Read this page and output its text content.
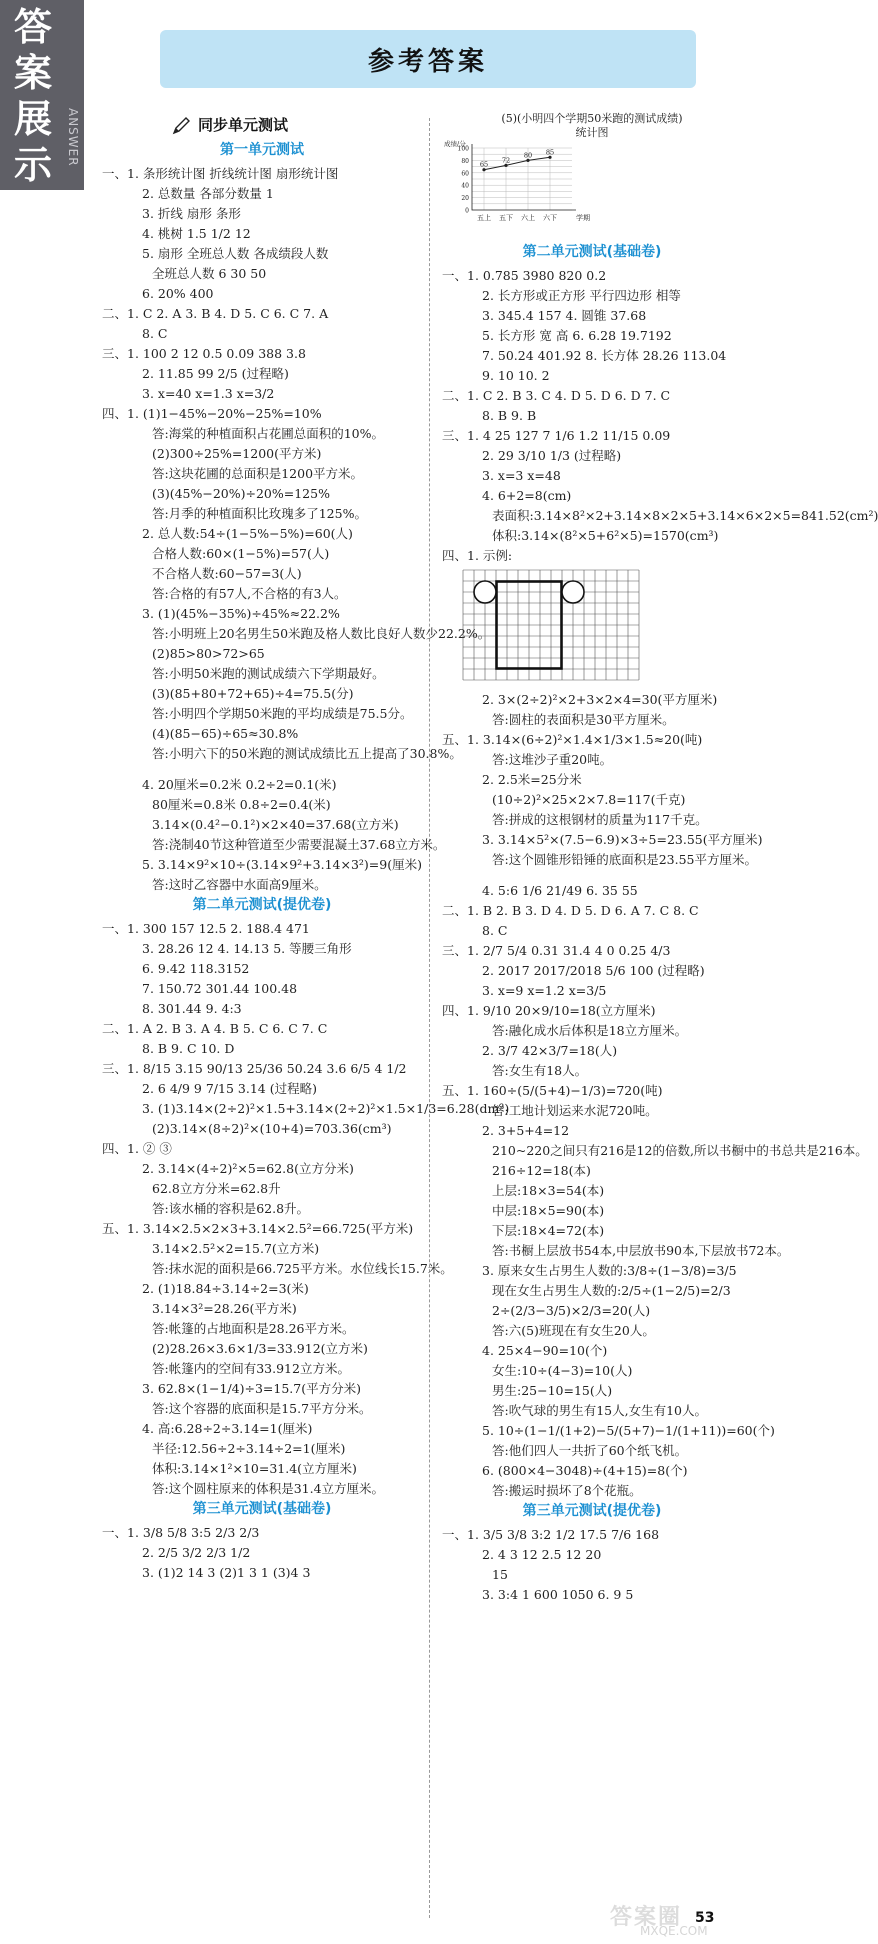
答
案
展
示	ANSWER
参考答案
同步单元测试
第一单元测试
一、1. 条形统计图 折线统计图 扇形统计图
2. 总数量 各部分数量 1
3. 折线 扇形 条形
4. 桃树 1.5 1/2 12
5. 扇形 全班总人数 各成绩段人数
全班总人数 6 30 50
6. 20% 400
二、1. C 2. A 3. B 4. D 5. C 6. C 7. A
8. C
三、1. 100 2 12 0.5 0.09 388 3.8
2. 11.85 99 2/5 (过程略)
3. x=40 x=1.3 x=3/2
四、1. (1)1−45%−20%−25%=10%
答:海棠的种植面积占花圃总面积的10%。
(2)300÷25%=1200(平方米)
答:这块花圃的总面积是1200平方米。
(3)(45%−20%)÷20%=125%
答:月季的种植面积比玫瑰多了125%。
2. 总人数:54÷(1−5%−5%)=60(人)
合格人数:60×(1−5%)=57(人)
不合格人数:60−57=3(人)
答:合格的有57人,不合格的有3人。
3. (1)(45%−35%)÷45%≈22.2%
答:小明班上20名男生50米跑及格人数比良好人数少22.2%。
(2)85>80>72>65
答:小明50米跑的测试成绩六下学期最好。
(3)(85+80+72+65)÷4=75.5(分)
答:小明四个学期50米跑的平均成绩是75.5分。
(4)(85−65)÷65≈30.8%
答:小明六下的50米跑的测试成绩比五上提高了30.8%。
4. 20厘米=0.2米 0.2÷2=0.1(米)
80厘米=0.8米 0.8÷2=0.4(米)
3.14×(0.4²−0.1²)×2×40=37.68(立方米)
答:浇制40节这种管道至少需要混凝土37.68立方米。
5. 3.14×9²×10÷(3.14×9²+3.14×3²)=9(厘米)
答:这时乙容器中水面高9厘米。
第二单元测试(提优卷)
一、1. 300 157 12.5 2. 188.4 471
3. 28.26 12 4. 14.13 5. 等腰三角形
6. 9.42 118.3152
7. 150.72 301.44 100.48
8. 301.44 9. 4:3
二、1. A 2. B 3. A 4. B 5. C 6. C 7. C
8. B 9. C 10. D
三、1. 8/15 3.15 90/13 25/36 50.24 3.6 6/5 4 1/2
2. 6 4/9 9 7/15 3.14 (过程略)
3. (1)3.14×(2÷2)²×1.5+3.14×(2÷2)²×1.5×1/3=6.28(dm³)
(2)3.14×(8÷2)²×(10+4)=703.36(cm³)
四、1. ② ③
2. 3.14×(4÷2)²×5=62.8(立方分米)
62.8立方分米=62.8升
答:该水桶的容积是62.8升。
五、1. 3.14×2.5×2×3+3.14×2.5²=66.725(平方米)
3.14×2.5²×2=15.7(立方米)
答:抹水泥的面积是66.725平方米。水位线长15.7米。
2. (1)18.84÷3.14÷2=3(米)
3.14×3²=28.26(平方米)
答:帐篷的占地面积是28.26平方米。
(2)28.26×3.6×1/3=33.912(立方米)
答:帐篷内的空间有33.912立方米。
3. 62.8×(1−1/4)÷3=15.7(平方分米)
答:这个容器的底面积是15.7平方分米。
4. 高:6.28÷2÷3.14=1(厘米)
半径:12.56÷2÷3.14÷2=1(厘米)
体积:3.14×1²×10=31.4(立方厘米)
答:这个圆柱原来的体积是31.4立方厘米。
第三单元测试(基础卷)
一、1. 3/8 5/8 3:5 2/3 2/3
2. 2/5 3/2 2/3 1/2
3. (1)2 14 3 (2)1 3 1 (3)4 3
(5)(小明四个学期50米跑的测试成绩)
统计图
100
80
60
40
20
0
五上 五下 六上 六下
成绩/分
学期
65
72
80 85
第二单元测试(基础卷)
一、1. 0.785 3980 820 0.2
2. 长方形或正方形 平行四边形 相等
3. 345.4 157 4. 圆锥 37.68
5. 长方形 宽 高 6. 6.28 19.7192
7. 50.24 401.92 8. 长方体 28.26 113.04
9. 10 10. 2
二、1. C 2. B 3. C 4. D 5. D 6. D 7. C
8. B 9. B
三、1. 4 25 127 7 1/6 1.2 11/15 0.09
2. 29 3/10 1/3 (过程略)
3. x=3 x=48
4. 6+2=8(cm)
表面积:3.14×8²×2+3.14×8×2×5+3.14×6×2×5=841.52(cm²)
体积:3.14×(8²×5+6²×5)=1570(cm³)
四、1. 示例:
2. 3×(2÷2)²×2+3×2×4=30(平方厘米)
答:圆柱的表面积是30平方厘米。
五、1. 3.14×(6÷2)²×1.4×1/3×1.5≈20(吨)
答:这堆沙子重20吨。
2. 2.5米=25分米
(10÷2)²×25×2×7.8=117(千克)
答:拼成的这根钢材的质量为117千克。
3. 3.14×5²×(7.5−6.9)×3÷5=23.55(平方厘米)
答:这个圆锥形铅锤的底面积是23.55平方厘米。
4. 5:6 1/6 21/49 6. 35 55
二、1. B 2. B 3. D 4. D 5. D 6. A 7. C 8. C
8. C
三、1. 2/7 5/4 0.31 31.4 4 0 0.25 4/3
2. 2017 2017/2018 5/6 100 (过程略)
3. x=9 x=1.2 x=3/5
四、1. 9/10 20×9/10=18(立方厘米)
答:融化成水后体积是18立方厘米。
2. 3/7 42×3/7=18(人)
答:女生有18人。
五、1. 160÷(5/(5+4)−1/3)=720(吨)
答:工地计划运来水泥720吨。
2. 3+5+4=12
210~220之间只有216是12的倍数,所以书橱中的书总共是216本。
216÷12=18(本)
上层:18×3=54(本)
中层:18×5=90(本)
下层:18×4=72(本)
答:书橱上层放书54本,中层放书90本,下层放书72本。
3. 原来女生占男生人数的:3/8÷(1−3/8)=3/5
现在女生占男生人数的:2/5÷(1−2/5)=2/3
2÷(2/3−3/5)×2/3=20(人)
答:六(5)班现在有女生20人。
4. 25×4−90=10(个)
女生:10÷(4−3)=10(人)
男生:25−10=15(人)
答:吹气球的男生有15人,女生有10人。
5. 10÷(1−1/(1+2)−5/(5+7)−1/(1+11))=60(个)
答:他们四人一共折了60个纸飞机。
6. (800×4−3048)÷(4+15)=8(个)
答:搬运时损坏了8个花瓶。
第三单元测试(提优卷)
一、1. 3/5 3/8 3:2 1/2 17.5 7/6 168
2. 4 3 12 2.5 12 20
15
3. 3:4 1 600 1050 6. 9 5
答案圈
MXQE.COM
53
